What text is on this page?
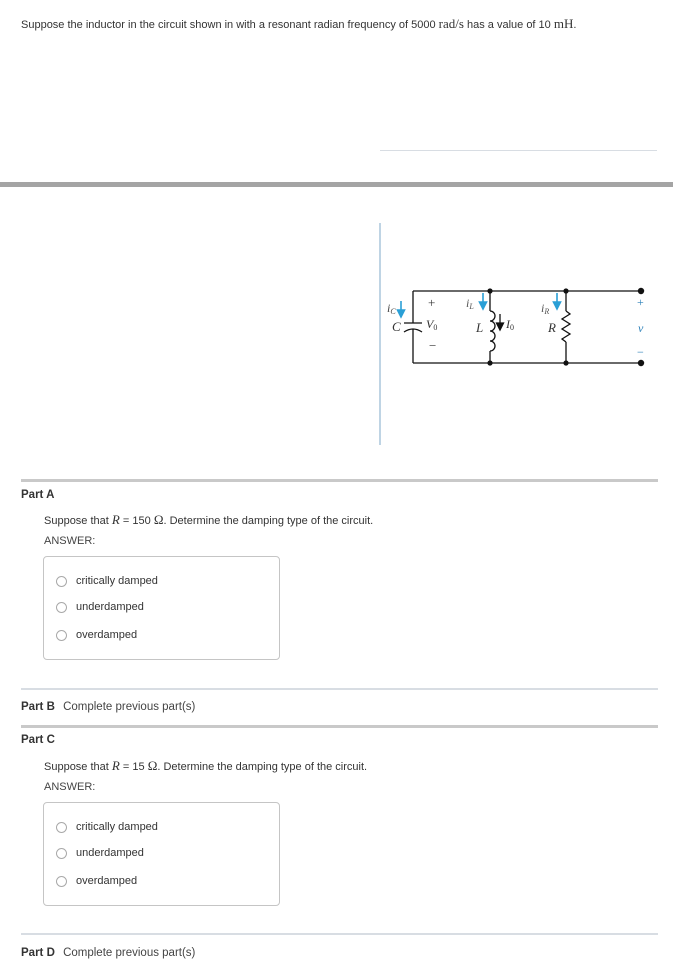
Suppose the inductor in the circuit shown in with a resonant radian frequency of 5000 rad/s has a value of 10 mH.
iC
C
+
V0
−
iL
L I0
iR
R
+
v
−
Part A
Suppose that R = 150 Ω. Determine the damping type of the circuit.
ANSWER:
critically damped
underdamped
overdamped
Part B Complete previous part(s)
Part C
Suppose that R = 15 Ω. Determine the damping type of the circuit.
ANSWER:
critically damped
underdamped
overdamped
Part D Complete previous part(s)
